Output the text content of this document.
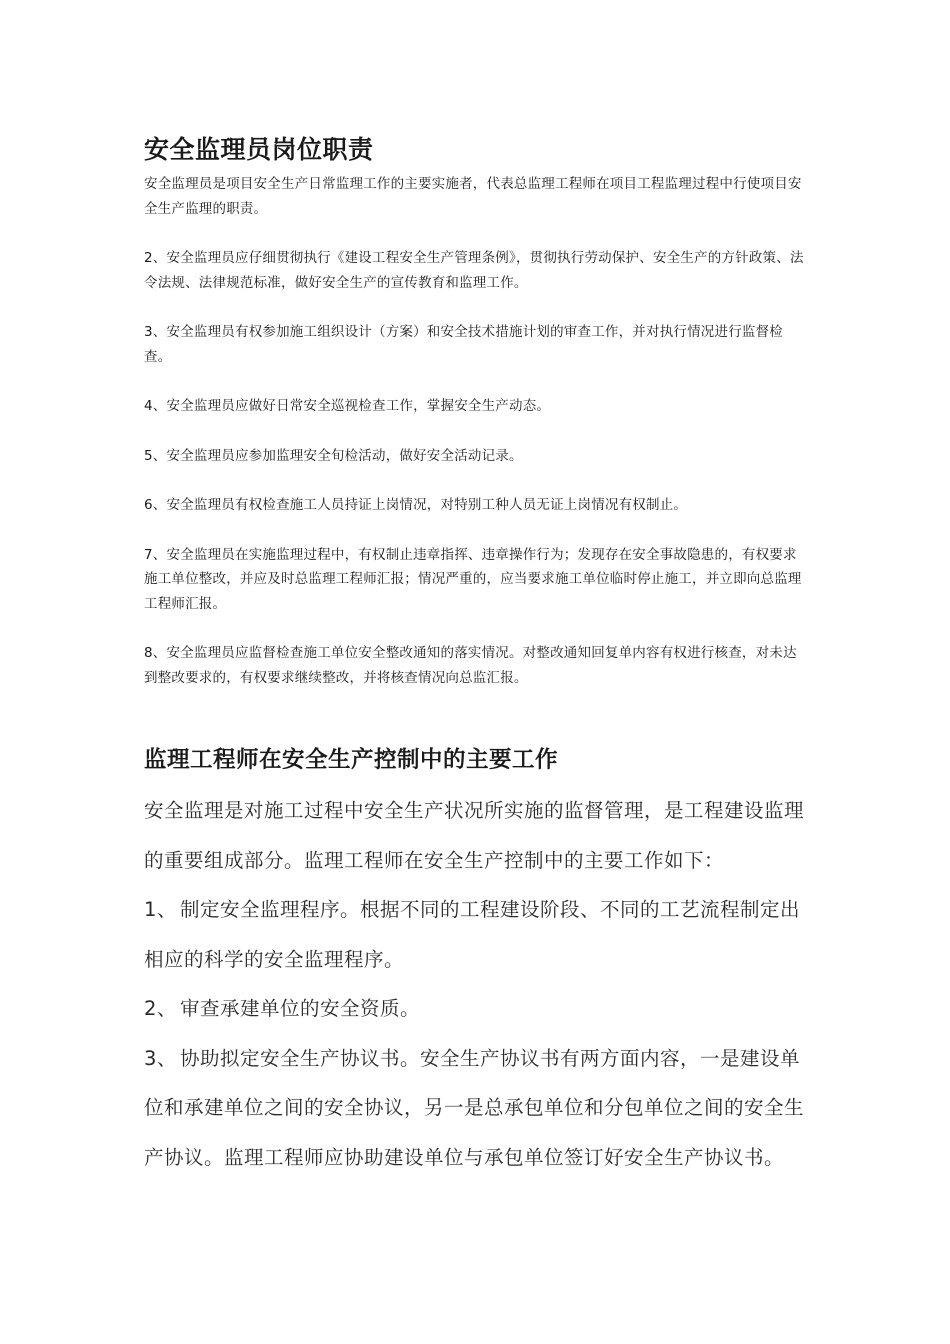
安全监理员岗位职责

安全监理员是项目安全生产日常监理工作的主要实施者，代表总监理工程师在项目工程监理过程中行使项目安全生产监理的职责。

2、安全监理员应仔细贯彻执行《建设工程安全生产管理条例》，贯彻执行劳动保护、安全生产的方针政策、法令法规、法律规范标准，做好安全生产的宣传教育和监理工作。

3、安全监理员有权参加施工组织设计（方案）和安全技术措施计划的审查工作，并对执行情况进行监督检查。

4、安全监理员应做好日常安全巡视检查工作，掌握安全生产动态。

5、安全监理员应参加监理安全旬检活动，做好安全活动记录。

6、安全监理员有权检查施工人员持证上岗情况，对特别工种人员无证上岗情况有权制止。

7、安全监理员在实施监理过程中，有权制止违章指挥、违章操作行为；发现存在安全事故隐患的，有权要求施工单位整改，并应及时总监理工程师汇报；情况严重的，应当要求施工单位临时停止施工，并立即向总监理工程师汇报。

8、安全监理员应监督检查施工单位安全整改通知的落实情况。对整改通知回复单内容有权进行核查，对未达到整改要求的，有权要求继续整改，并将核查情况向总监汇报。

监理工程师在安全生产控制中的主要工作

安全监理是对施工过程中安全生产状况所实施的监督管理，是工程建设监理的重要组成部分。监理工程师在安全生产控制中的主要工作如下：

1、 制定安全监理程序。根据不同的工程建设阶段、不同的工艺流程制定出相应的科学的安全监理程序。

2、 审查承建单位的安全资质。

3、 协助拟定安全生产协议书。安全生产协议书有两方面内容，一是建设单位和承建单位之间的安全协议，另一是总承包单位和分包单位之间的安全生产协议。监理工程师应协助建设单位与承包单位签订好安全生产协议书。
